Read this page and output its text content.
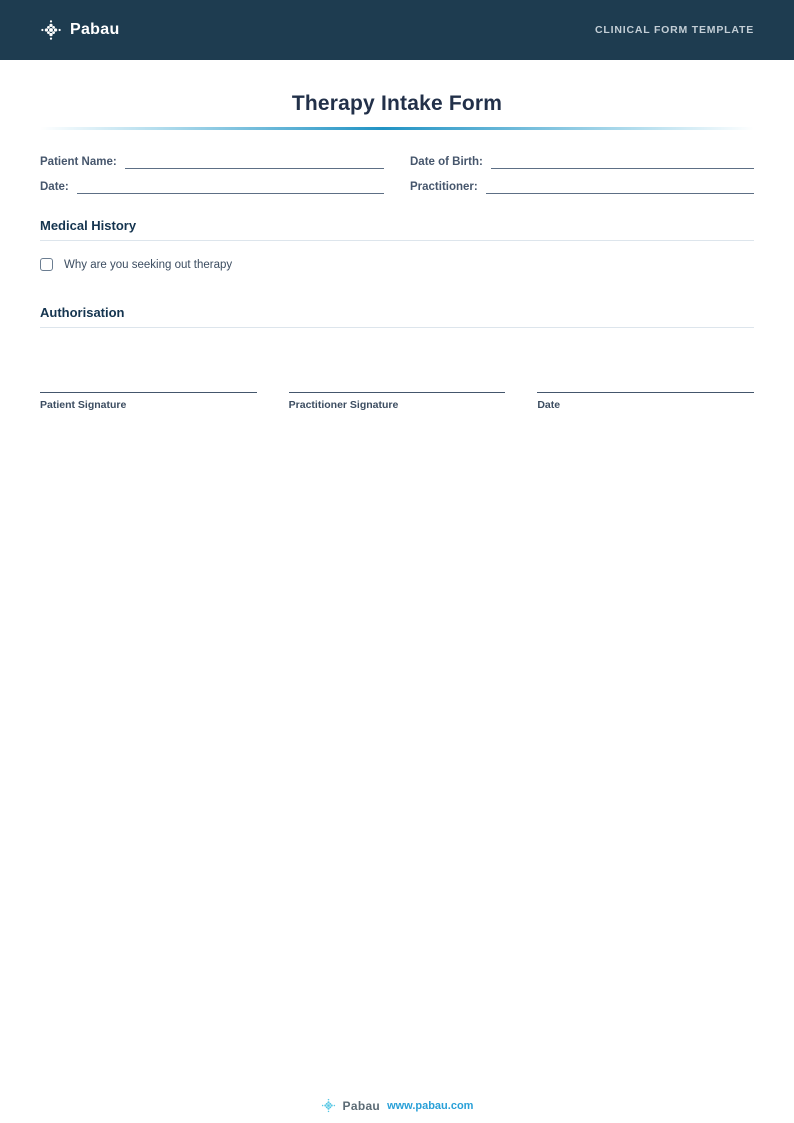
Pabau	CLINICAL FORM TEMPLATE
Therapy Intake Form
Patient Name:	Date of Birth:
Date:	Practitioner:
Medical History
Why are you seeking out therapy
Authorisation
Patient Signature	Practitioner Signature	Date
Pabau www.pabau.com
